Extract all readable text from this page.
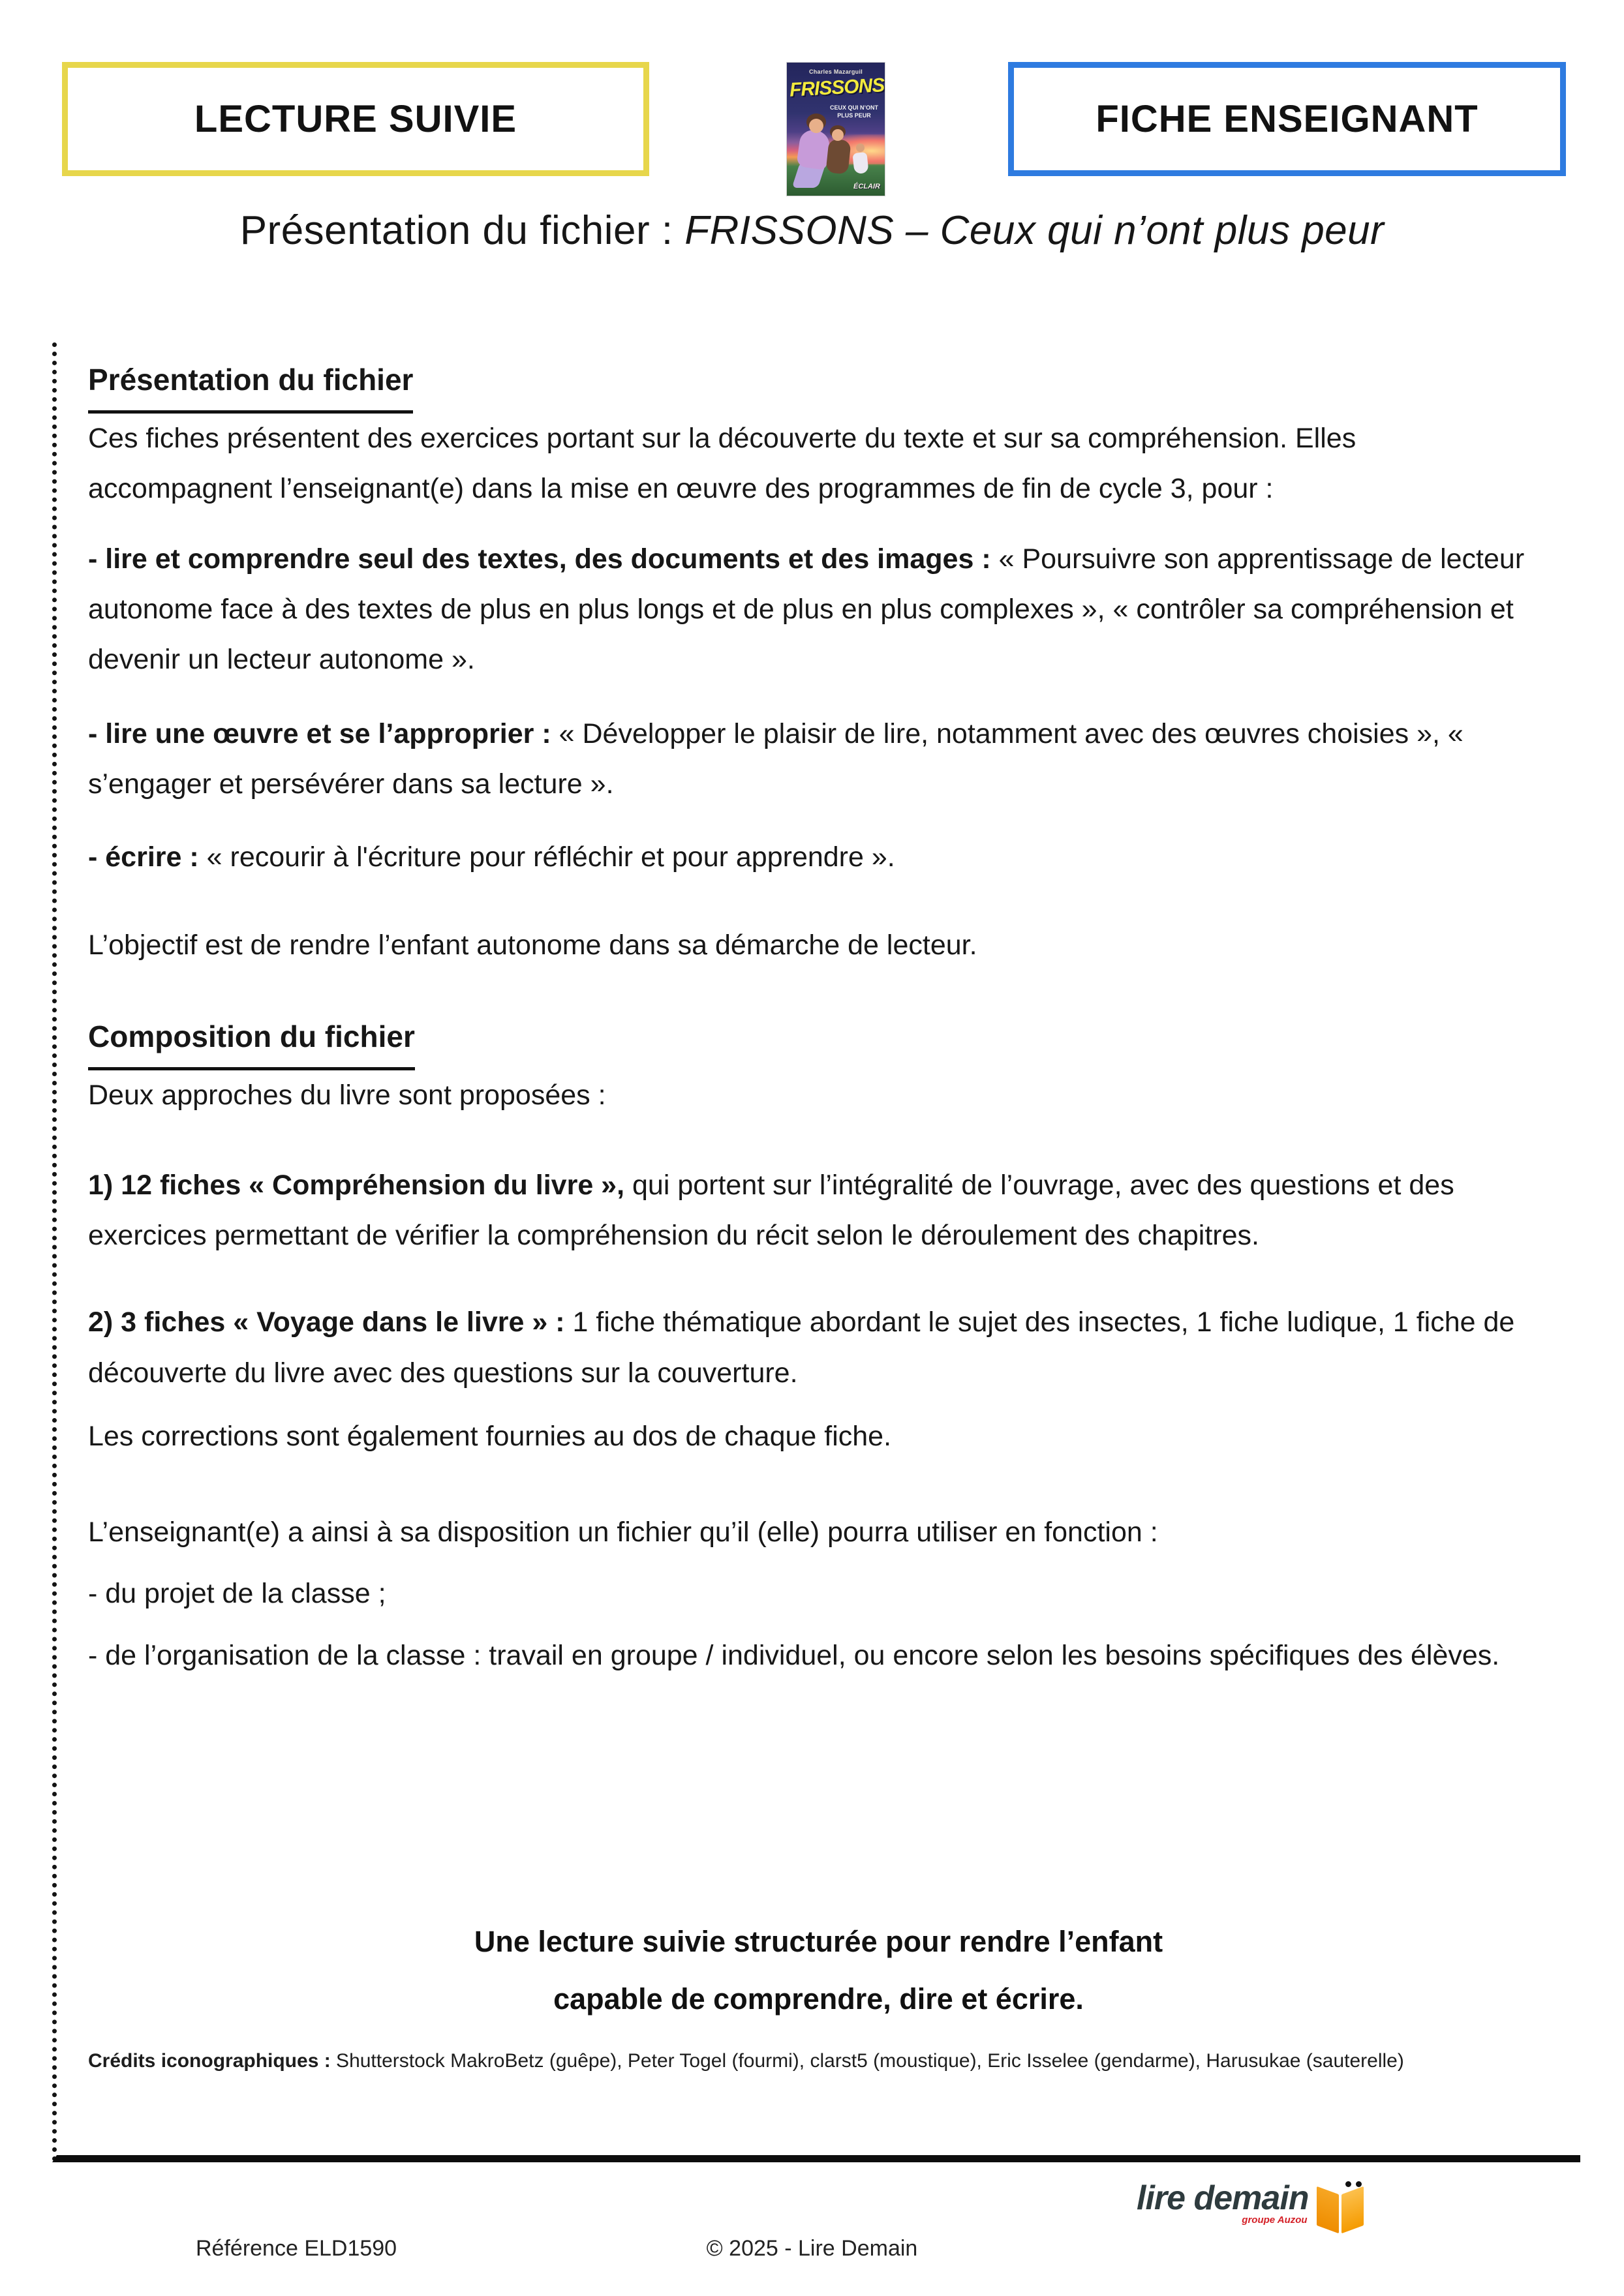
LECTURE SUIVIE
Charles Mazarguil
FRISSONS
CEUX QUI N’ONT PLUS PEUR
ÉCLAIR
FICHE ENSEIGNANT
Présentation du fichier : FRISSONS – Ceux qui n’ont plus peur

Présentation du fichier

Ces fiches présentent des exercices portant sur la découverte du texte et sur sa compréhension. Elles accompagnent l’enseignant(e) dans la mise en œuvre des programmes de fin de cycle 3, pour :

- lire et comprendre seul des textes, des documents et des images : « Poursuivre son apprentissage de lecteur autonome face à des textes de plus en plus longs et de plus en plus complexes », « contrôler sa compréhension et devenir un lecteur autonome ».

- lire une œuvre et se l’approprier : « Développer le plaisir de lire, notamment avec des œuvres choisies », « s’engager et persévérer dans sa lecture ».

- écrire : « recourir à l'écriture pour réfléchir et pour apprendre ».

L’objectif est de rendre l’enfant autonome dans sa démarche de lecteur.

Composition du fichier

Deux approches du livre sont proposées :

1) 12 fiches « Compréhension du livre », qui portent sur l’intégralité de l’ouvrage, avec des questions et des exercices permettant de vérifier la compréhension du récit selon le déroulement des chapitres.

2) 3 fiches « Voyage dans le livre » : 1 fiche thématique abordant le sujet des insectes, 1 fiche ludique, 1 fiche de découverte du livre avec des questions sur la couverture.

Les corrections sont également fournies au dos de chaque fiche.

L’enseignant(e) a ainsi à sa disposition un fichier qu’il (elle) pourra utiliser en fonction :

- du projet de la classe ;

- de l’organisation de la classe : travail en groupe / individuel, ou encore selon les besoins spécifiques des élèves.

Une lecture suivie structurée pour rendre l’enfant
capable de comprendre, dire et écrire.
Crédits iconographiques : Shutterstock MakroBetz (guêpe), Peter Togel (fourmi), clarst5 (moustique), Eric Isselee (gendarme), Harusukae (sauterelle)
Référence ELD1590	© 2025 - Lire Demain
lire demain
groupe Auzou
